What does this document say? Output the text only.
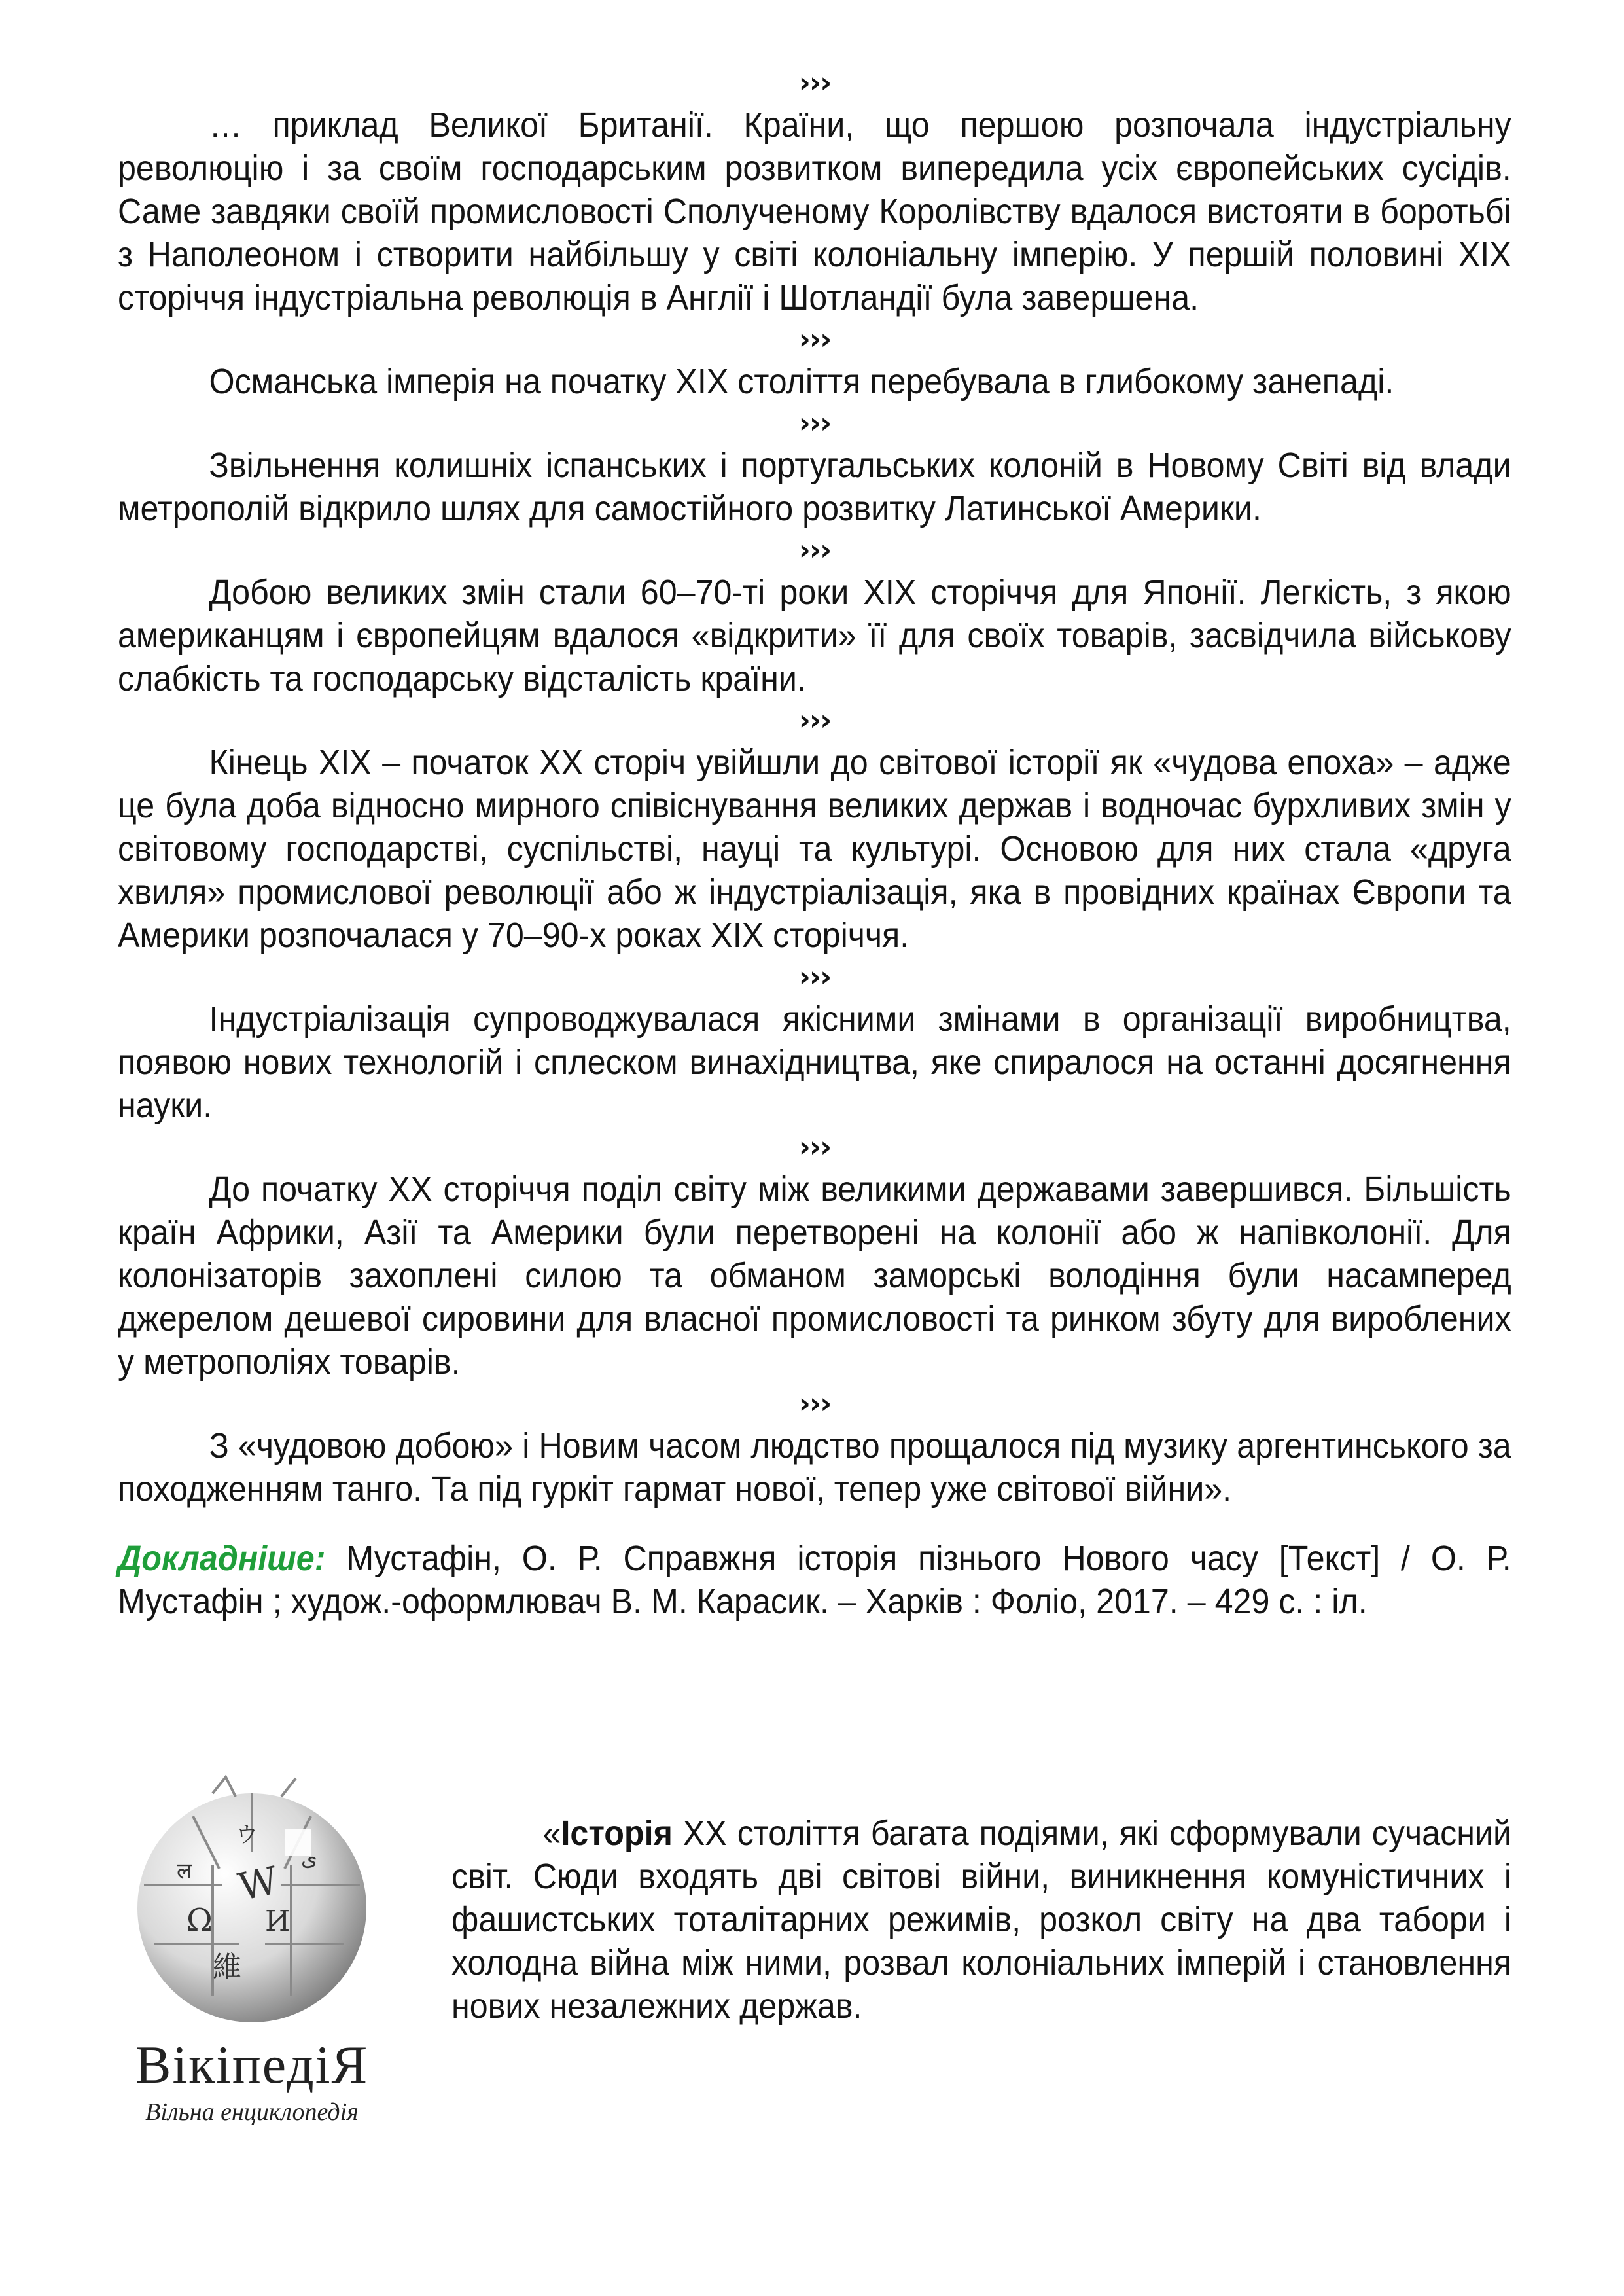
›››

… приклад Великої Британії. Країни, що першою розпочала індустріальну революцію і за своїм господарським розвитком випередила усіх європейських сусідів. Саме завдяки своїй промисловості Сполученому Королівству вдалося вистояти в боротьбі з Наполеоном і створити найбільшу у світі колоніальну імперію. У першій половині XIX сторіччя індустріальна революція в Англії і Шотландії була завершена.

›››

Османська імперія на початку XIX століття перебувала в глибокому занепаді.

›››

Звільнення колишніх іспанських і португальських колоній в Новому Світі від влади метрополій відкрило шлях для самостійного розвитку Латинської Америки.

›››

Добою великих змін стали 60–70-ті роки XIX сторіччя для Японії. Легкість, з якою американцям і європейцям вдалося «відкрити» її для своїх товарів, засвідчила військову слабкість та господарську відсталість країни.

›››

Кінець XIX – початок XX сторіч увійшли до світової історії як «чудова епоха» – адже це була доба відносно мирного співіснування великих держав і водночас бурхливих змін у світовому господарстві, суспільстві, науці та культурі. Основою для них стала «друга хвиля» промислової революції або ж індустріалізація, яка в провідних країнах Європи та Америки розпочалася у 70–90-х роках XIX сторіччя.

›››

Індустріалізація супроводжувалася якісними змінами в організації виробництва, появою нових технологій і сплеском винахідництва, яке спиралося на останні досягнення науки.

›››

До початку XX сторіччя поділ світу між великими державами завершився. Більшість країн Африки, Азії та Америки були перетворені на колонії або ж напівколонії. Для колонізаторів захоплені силою та обманом заморські володіння були насамперед джерелом дешевої сировини для власної промисловості та ринком збуту для вироблених у метрополіях товарів.

›››

З «чудовою добою» і Новим часом людство прощалося під музику аргентинського за походженням танго. Та під гуркіт гармат нової, тепер уже світової війни».

Докладніше: Мустафін, О. Р. Справжня історія пізнього Нового часу [Текст] / О. Р. Мустафін ; худож.-оформлювач В. М. Карасик. – Харків : Фоліо, 2017. – 429 с. : іл.

ウ
ल W
Ω И
維
ی
ВікіпедіЯ
Вільна енциклопедія
«Історія XX століття багата подіями, які сформували сучасний світ. Сюди входять дві світові війни, виникнення комуністичних і фашистських тоталітарних режимів, розкол світу на два табори і холодна війна між ними, розвал колоніальних імперій і становлення нових незалежних держав.
